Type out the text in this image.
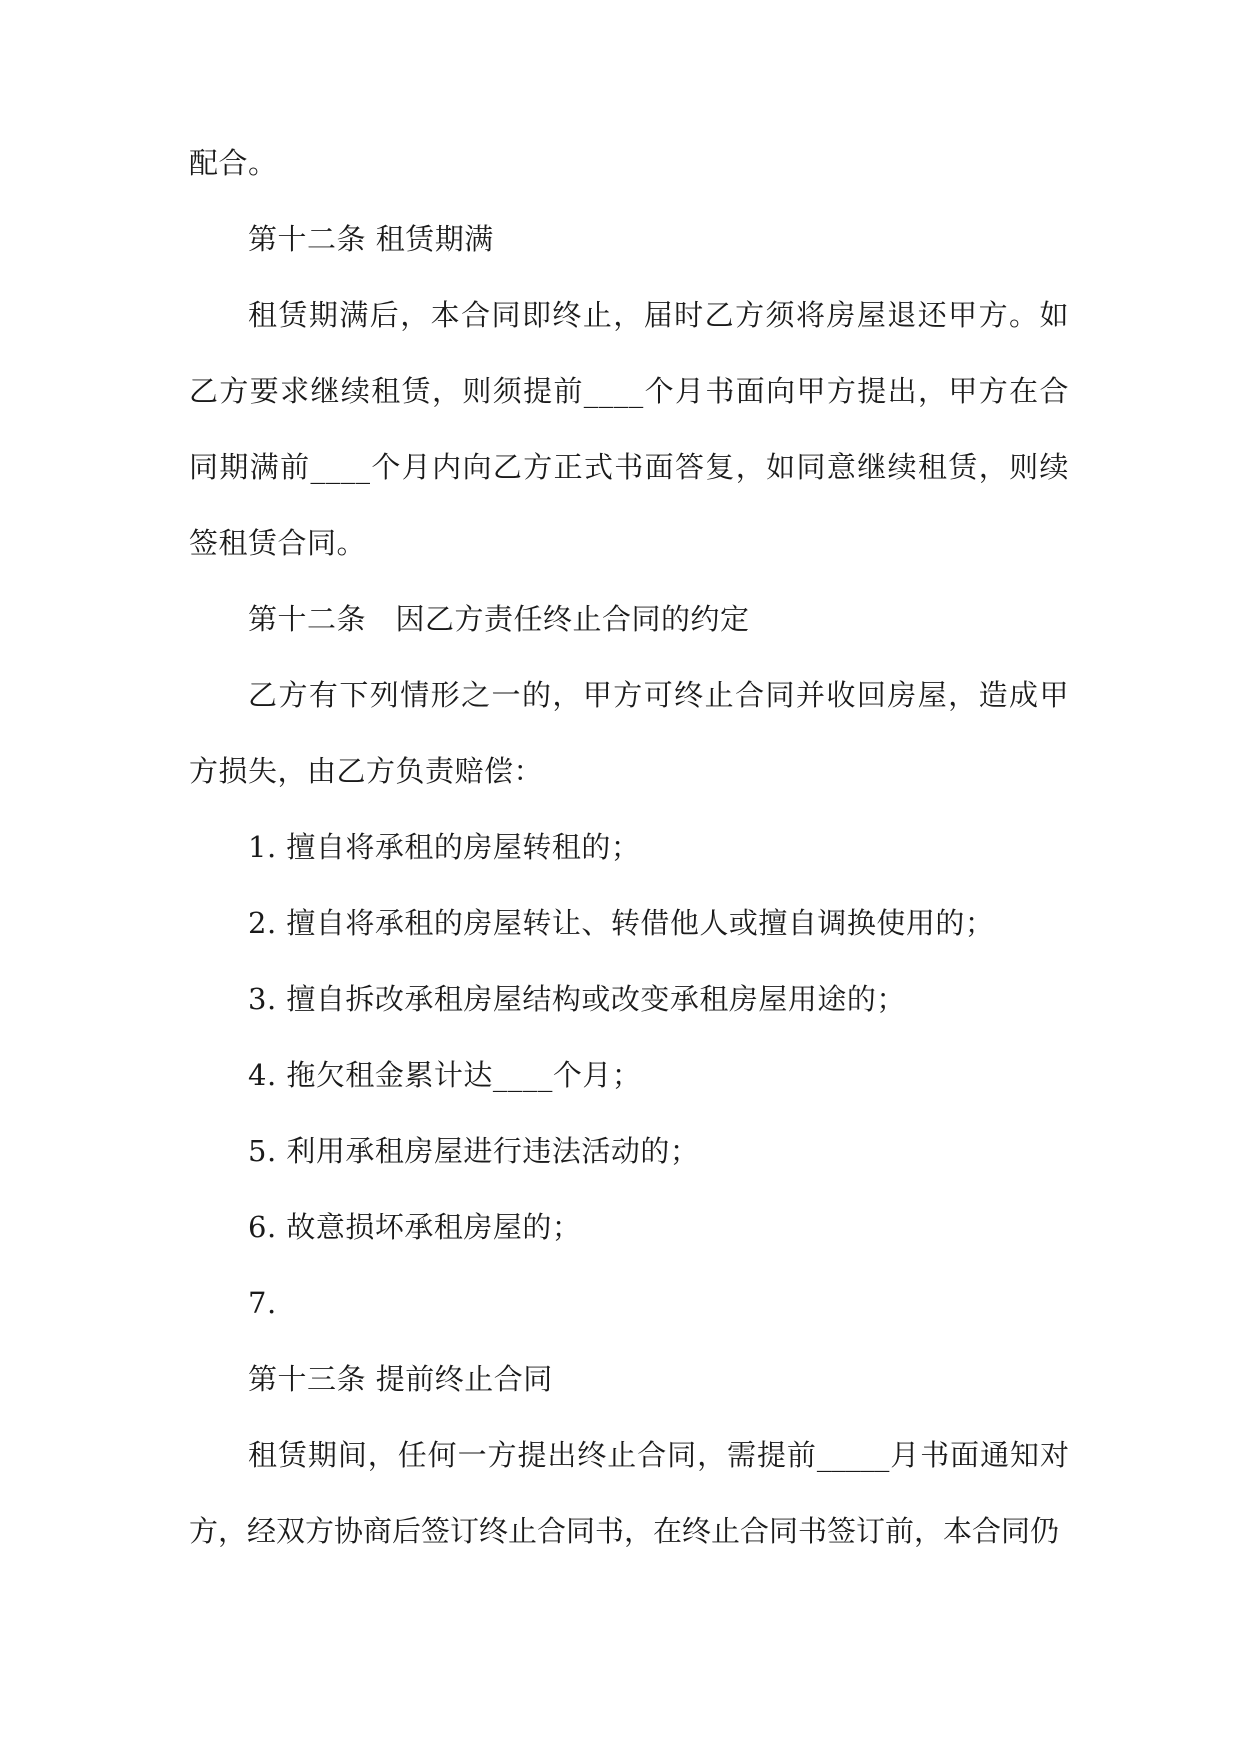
配合。

第十二条 租赁期满

租赁期满后，本合同即终止，届时乙方须将房屋退还甲方。如乙方要求继续租赁，则须提前____个月书面向甲方提出，甲方在合同期满前____个月内向乙方正式书面答复，如同意继续租赁，则续签租赁合同。

第十二条　因乙方责任终止合同的约定

乙方有下列情形之一的，甲方可终止合同并收回房屋，造成甲方损失，由乙方负责赔偿：

1. 擅自将承租的房屋转租的；

2. 擅自将承租的房屋转让、转借他人或擅自调换使用的；

3. 擅自拆改承租房屋结构或改变承租房屋用途的；

4. 拖欠租金累计达____个月；

5. 利用承租房屋进行违法活动的；

6. 故意损坏承租房屋的；

7.

第十三条 提前终止合同

租赁期间，任何一方提出终止合同，需提前_____月书面通知对方，经双方协商后签订终止合同书，在终止合同书签订前，本合同仍
